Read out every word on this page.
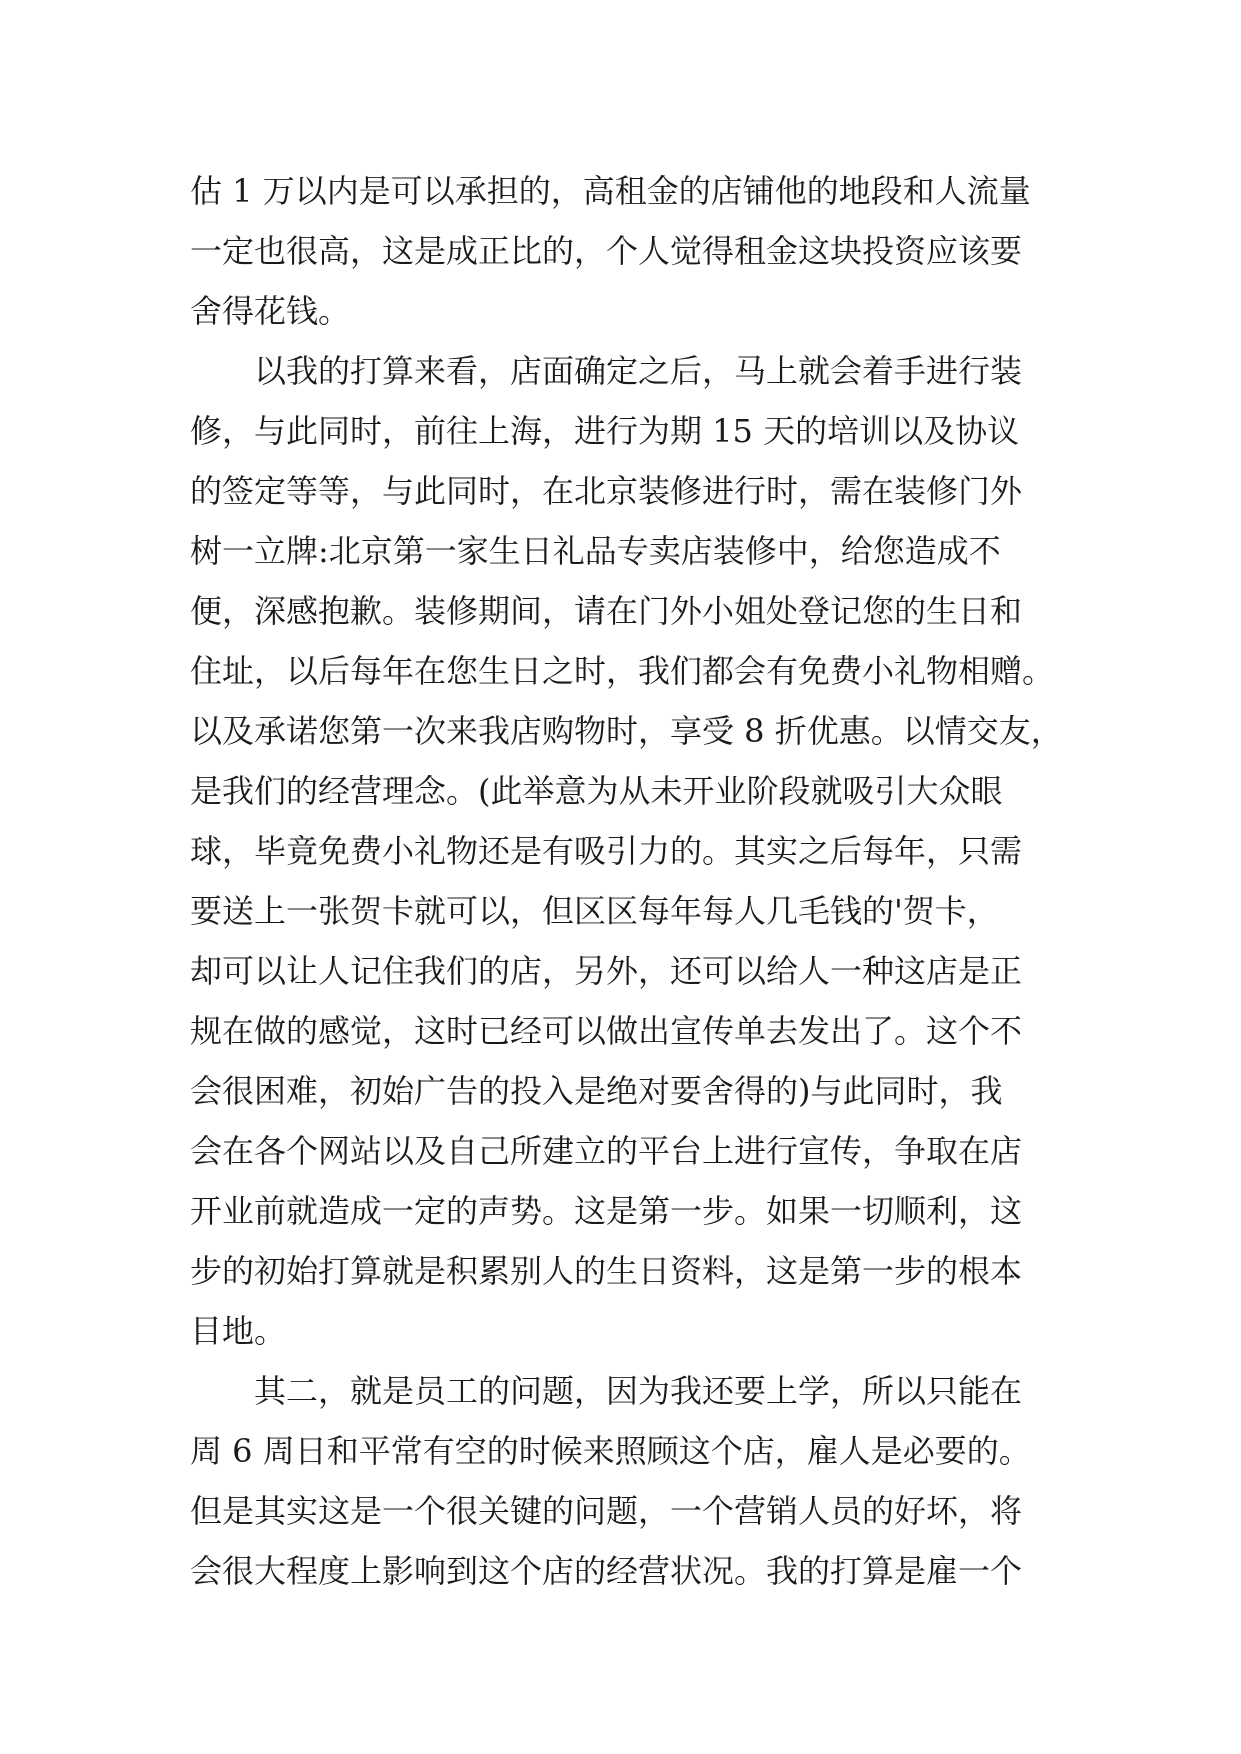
估 1 万以内是可以承担的，高租金的店铺他的地段和人流量
一定也很高，这是成正比的，个人觉得租金这块投资应该要
舍得花钱。
　　以我的打算来看，店面确定之后，马上就会着手进行装
修，与此同时，前往上海，进行为期 15 天的培训以及协议
的签定等等，与此同时，在北京装修进行时，需在装修门外
树一立牌:北京第一家生日礼品专卖店装修中，给您造成不
便，深感抱歉。装修期间，请在门外小姐处登记您的生日和
住址，以后每年在您生日之时，我们都会有免费小礼物相赠。
以及承诺您第一次来我店购物时，享受 8 折优惠。以情交友，
是我们的经营理念。(此举意为从未开业阶段就吸引大众眼
球，毕竟免费小礼物还是有吸引力的。其实之后每年，只需
要送上一张贺卡就可以，但区区每年每人几毛钱的'贺卡，
却可以让人记住我们的店，另外，还可以给人一种这店是正
规在做的感觉，这时已经可以做出宣传单去发出了。这个不
会很困难，初始广告的投入是绝对要舍得的)与此同时，我
会在各个网站以及自己所建立的平台上进行宣传，争取在店
开业前就造成一定的声势。这是第一步。如果一切顺利，这
步的初始打算就是积累别人的生日资料，这是第一步的根本
目地。
　　其二，就是员工的问题，因为我还要上学，所以只能在
周 6 周日和平常有空的时候来照顾这个店，雇人是必要的。
但是其实这是一个很关键的问题，一个营销人员的好坏，将
会很大程度上影响到这个店的经营状况。我的打算是雇一个
